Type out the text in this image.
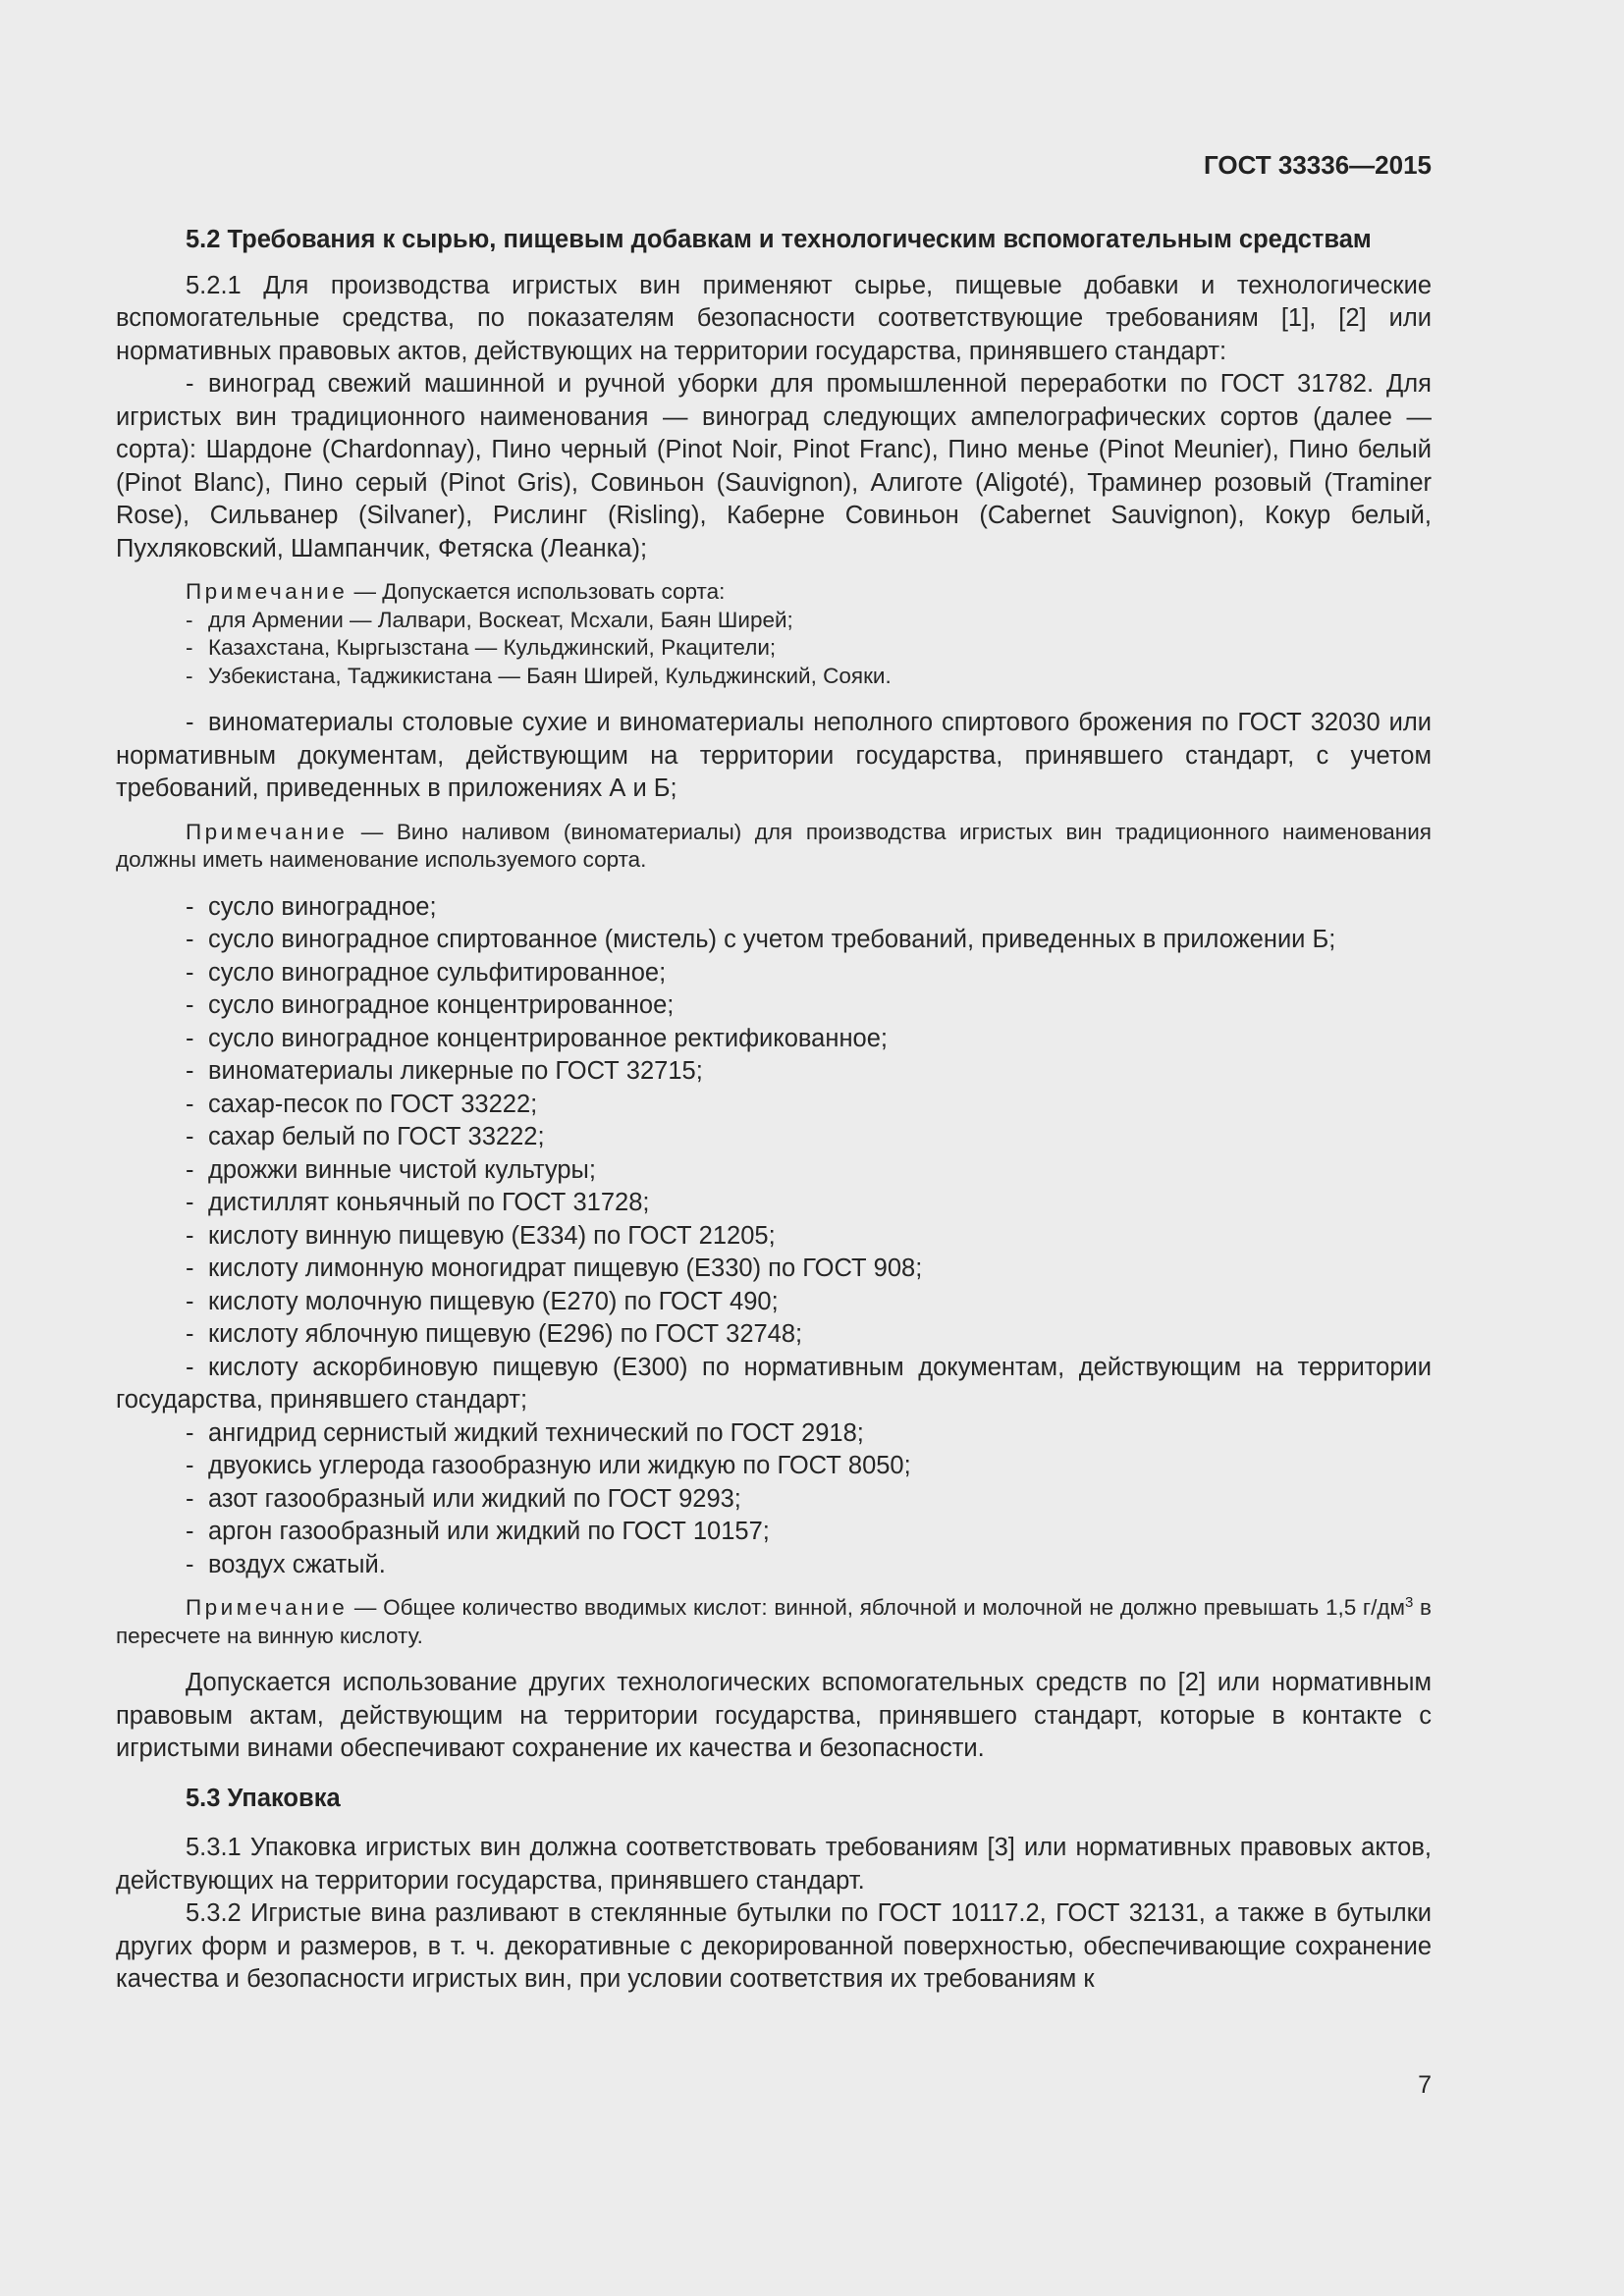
ГОСТ 33336—2015

5.2 Требования к сырью, пищевым добавкам и технологическим вспомогательным средствам

5.2.1 Для производства игристых вин применяют сырье, пищевые добавки и технологические вспомогательные средства, по показателям безопасности соответствующие требованиям [1], [2] или нормативных правовых актов, действующих на территории государства, принявшего стандарт:

- виноград свежий машинной и ручной уборки для промышленной переработки по ГОСТ 31782. Для игристых вин традиционного наименования — виноград следующих ампелографических сортов (далее — сорта): Шардоне (Chardonnay), Пино черный (Pinot Noir, Pinot Franc), Пино менье (Pinot Meunier), Пино белый (Pinot Blanc), Пино серый (Pinot Gris), Совиньон (Sauvignon), Алиготе (Aligoté), Траминер розовый (Traminer Rose), Сильванер (Silvaner), Рислинг (Risling), Каберне Совиньон (Cabernet Sauvignon), Кокур белый, Пухляковский, Шампанчик, Фетяска (Леанка);

Примечание — Допускается использовать сорта:

- для Армении — Лалвари, Воскеат, Мсхали, Баян Ширей;

- Казахстана, Кыргызстана — Кульджинский, Ркацители;

- Узбекистана, Таджикистана — Баян Ширей, Кульджинский, Сояки.

- виноматериалы столовые сухие и виноматериалы неполного спиртового брожения по ГОСТ 32030 или нормативным документам, действующим на территории государства, принявшего стандарт, с учетом требований, приведенных в приложениях А и Б;

Примечание — Вино наливом (виноматериалы) для производства игристых вин традиционного наименования должны иметь наименование используемого сорта.

- сусло виноградное;

- сусло виноградное спиртованное (мистель) с учетом требований, приведенных в приложении Б;

- сусло виноградное сульфитированное;

- сусло виноградное концентрированное;

- сусло виноградное концентрированное ректификованное;

- виноматериалы ликерные по ГОСТ 32715;

- сахар-песок по ГОСТ 33222;

- сахар белый по ГОСТ 33222;

- дрожжи винные чистой культуры;

- дистиллят коньячный по ГОСТ 31728;

- кислоту винную пищевую (Е334) по ГОСТ 21205;

- кислоту лимонную моногидрат пищевую (Е330) по ГОСТ 908;

- кислоту молочную пищевую (Е270) по ГОСТ 490;

- кислоту яблочную пищевую (Е296) по ГОСТ 32748;

- кислоту аскорбиновую пищевую (Е300) по нормативным документам, действующим на территории государства, принявшего стандарт;

- ангидрид сернистый жидкий технический по ГОСТ 2918;

- двуокись углерода газообразную или жидкую по ГОСТ 8050;

- азот газообразный или жидкий по ГОСТ 9293;

- аргон газообразный или жидкий по ГОСТ 10157;

- воздух сжатый.

Примечание — Общее количество вводимых кислот: винной, яблочной и молочной не должно превышать 1,5 $г/дм^3$ в пересчете на винную кислоту.

Допускается использование других технологических вспомогательных средств по [2] или нормативным правовым актам, действующим на территории государства, принявшего стандарт, которые в контакте с игристыми винами обеспечивают сохранение их качества и безопасности.

5.3 Упаковка

5.3.1 Упаковка игристых вин должна соответствовать требованиям [3] или нормативных правовых актов, действующих на территории государства, принявшего стандарт.

5.3.2 Игристые вина разливают в стеклянные бутылки по ГОСТ 10117.2, ГОСТ 32131, а также в бутылки других форм и размеров, в т. ч. декоративные с декорированной поверхностью, обеспечивающие сохранение качества и безопасности игристых вин, при условии соответствия их требованиям к

7
